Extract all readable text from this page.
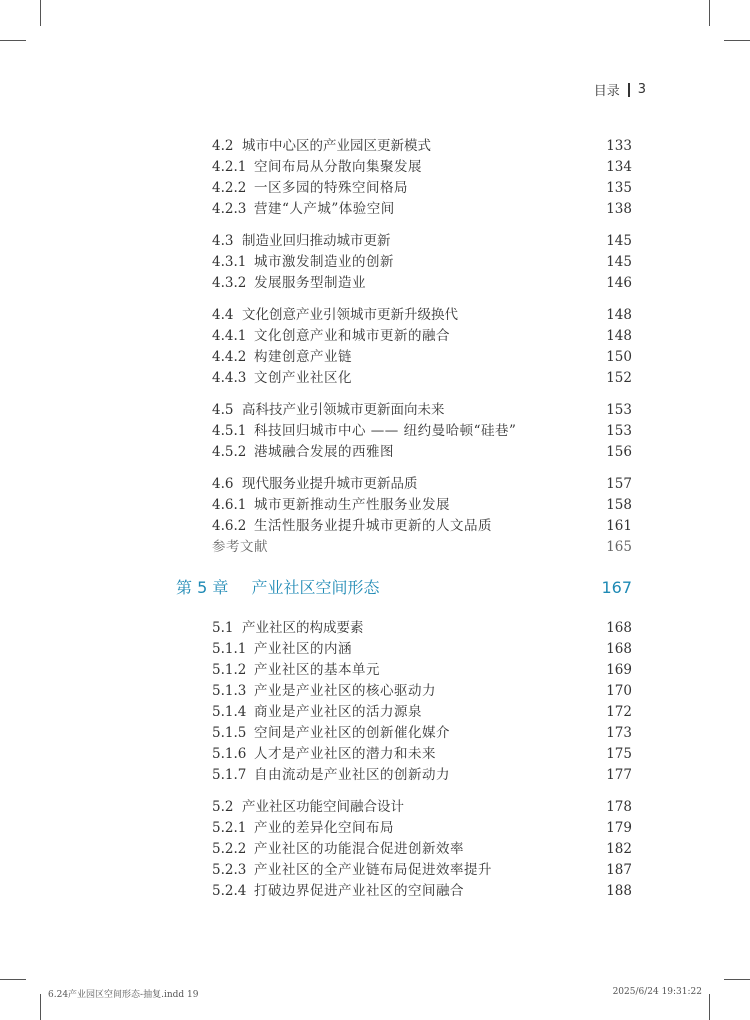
目录 3
4.2 城市中心区的产业园区更新模式	133
4.2.1 空间布局从分散向集聚发展	134
4.2.2 一区多园的特殊空间格局	135
4.2.3 营建“人产城”体验空间	138
4.3 制造业回归推动城市更新	145
4.3.1 城市激发制造业的创新	145
4.3.2 发展服务型制造业	146
4.4 文化创意产业引领城市更新升级换代	148
4.4.1 文化创意产业和城市更新的融合	148
4.4.2 构建创意产业链	150
4.4.3 文创产业社区化	152
4.5 高科技产业引领城市更新面向未来	153
4.5.1 科技回归城市中心 —— 纽约曼哈顿“硅巷”	153
4.5.2 港城融合发展的西雅图	156
4.6 现代服务业提升城市更新品质	157
4.6.1 城市更新推动生产性服务业发展	158
4.6.2 生活性服务业提升城市更新的人文品质	161
参考文献	165
第 5 章 产业社区空间形态	167
5.1 产业社区的构成要素	168
5.1.1 产业社区的内涵	168
5.1.2 产业社区的基本单元	169
5.1.3 产业是产业社区的核心驱动力	170
5.1.4 商业是产业社区的活力源泉	172
5.1.5 空间是产业社区的创新催化媒介	173
5.1.6 人才是产业社区的潜力和未来	175
5.1.7 自由流动是产业社区的创新动力	177
5.2 产业社区功能空间融合设计	178
5.2.1 产业的差异化空间布局	179
5.2.2 产业社区的功能混合促进创新效率	182
5.2.3 产业社区的全产业链布局促进效率提升	187
5.2.4 打破边界促进产业社区的空间融合	188
6.24产业园区空间形态-抽复.indd 19	2025/6/24 19:31:22
